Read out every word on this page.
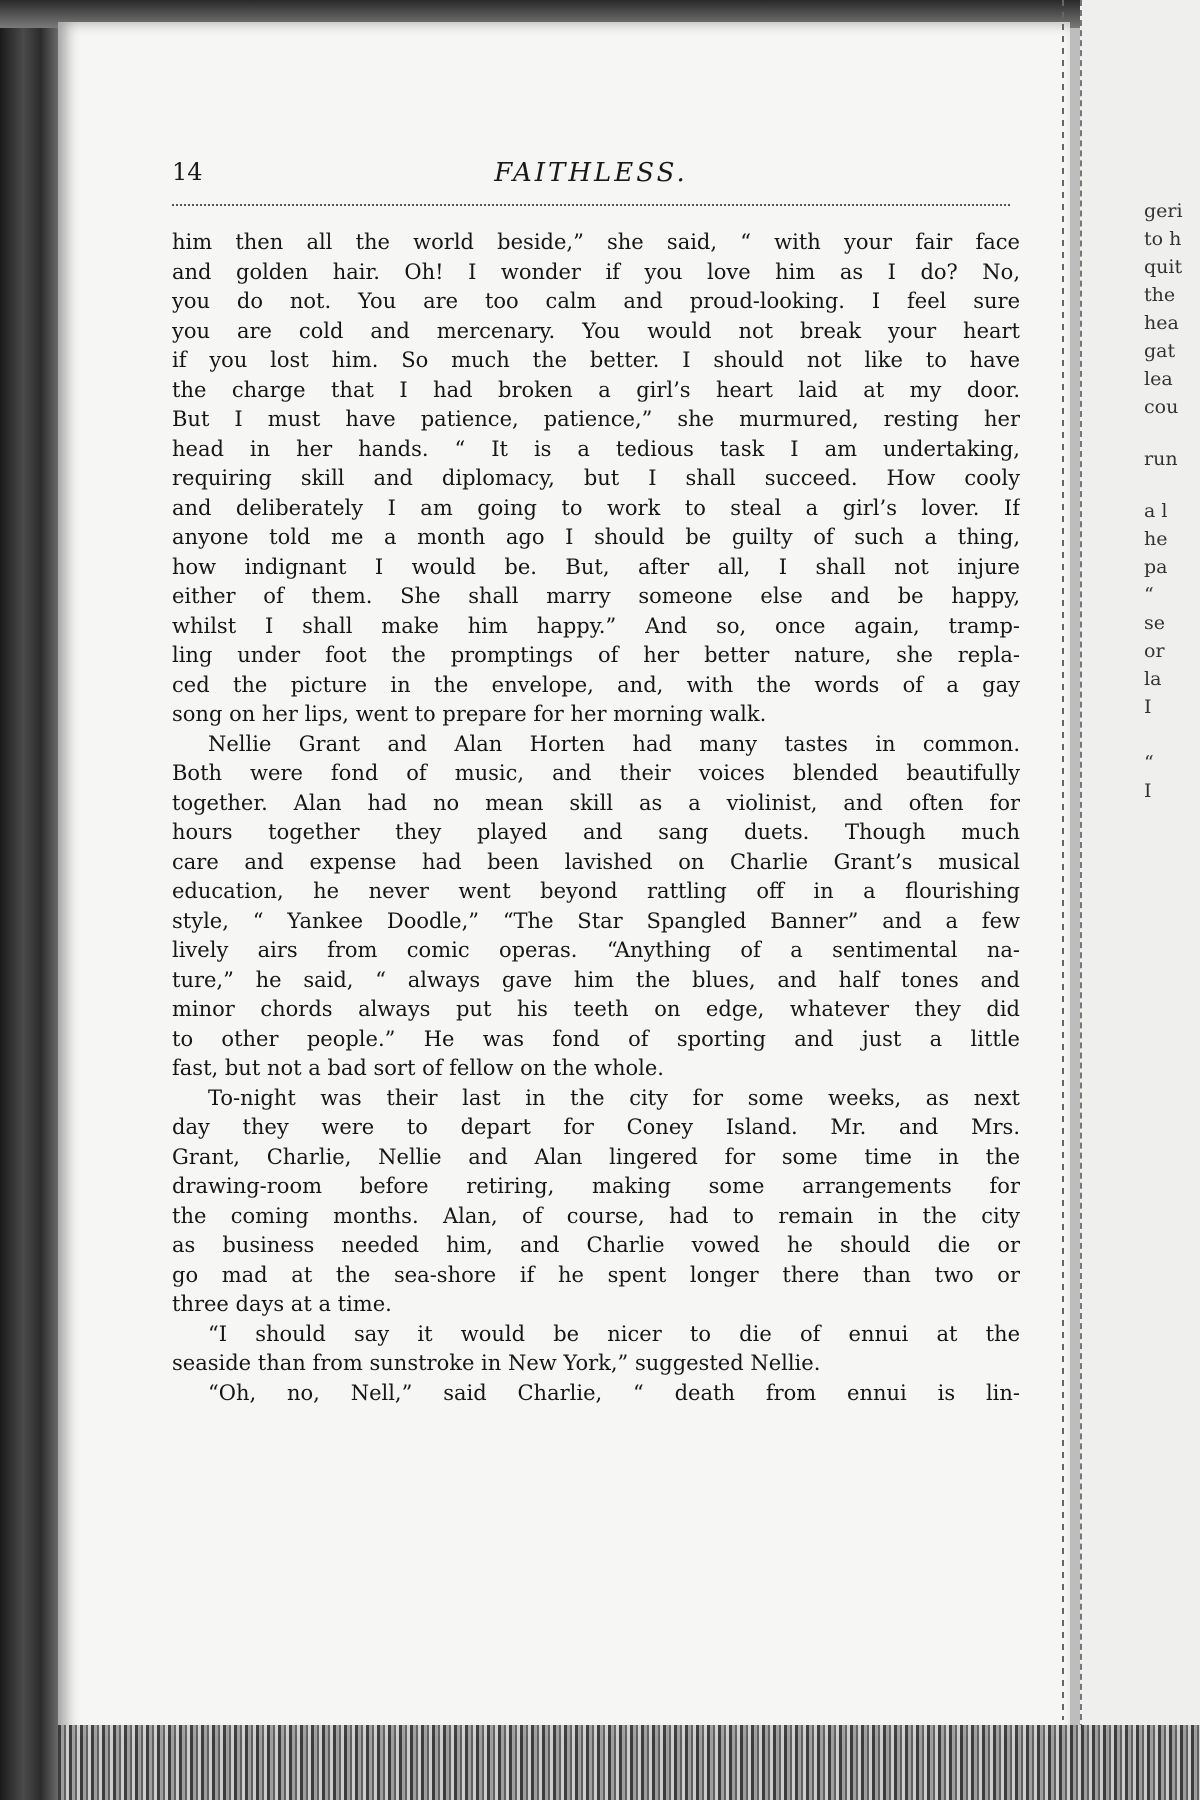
geri
to h
quit
the
hea
gat
lea
cou
run
a l
he
pa
“
se
or
la
I
“
I
14	FAITHLESS.
him then all the world beside,” she said, “ with your fair face
and golden hair. Oh! I wonder if you love him as I do? No,
you do not. You are too calm and proud-looking. I feel sure
you are cold and mercenary. You would not break your heart
if you lost him. So much the better. I should not like to have
the charge that I had broken a girl’s heart laid at my door.
But I must have patience, patience,” she murmured, resting her
head in her hands. “ It is a tedious task I am undertaking,
requiring skill and diplomacy, but I shall succeed. How cooly
and deliberately I am going to work to steal a girl’s lover. If
anyone told me a month ago I should be guilty of such a thing,
how indignant I would be. But, after all, I shall not injure
either of them. She shall marry someone else and be happy,
whilst I shall make him happy.” And so, once again, tramp-
ling under foot the promptings of her better nature, she repla-
ced the picture in the envelope, and, with the words of a gay
song on her lips, went to prepare for her morning walk.
Nellie Grant and Alan Horten had many tastes in common.
Both were fond of music, and their voices blended beautifully
together. Alan had no mean skill as a violinist, and often for
hours together they played and sang duets. Though much
care and expense had been lavished on Charlie Grant’s musical
education, he never went beyond rattling off in a flourishing
style, “ Yankee Doodle,” “The Star Spangled Banner” and a few
lively airs from comic operas. “Anything of a sentimental na-
ture,” he said, “ always gave him the blues, and half tones and
minor chords always put his teeth on edge, whatever they did
to other people.” He was fond of sporting and just a little
fast, but not a bad sort of fellow on the whole.
To-night was their last in the city for some weeks, as next
day they were to depart for Coney Island. Mr. and Mrs.
Grant, Charlie, Nellie and Alan lingered for some time in the
drawing-room before retiring, making some arrangements for
the coming months. Alan, of course, had to remain in the city
as business needed him, and Charlie vowed he should die or
go mad at the sea-shore if he spent longer there than two or
three days at a time.
“I should say it would be nicer to die of ennui at the
seaside than from sunstroke in New York,” suggested Nellie.
“Oh, no, Nell,” said Charlie, “ death from ennui is lin-
